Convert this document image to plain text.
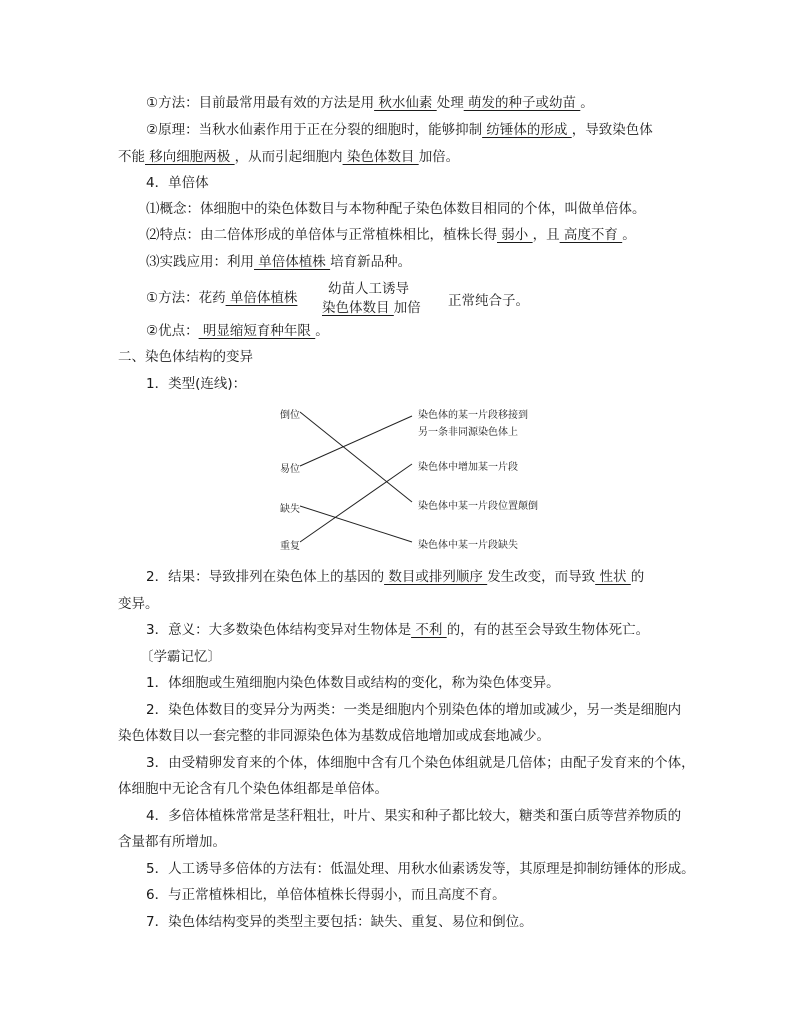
①方法：目前最常用最有效的方法是用 秋水仙素 处理 萌发的种子或幼苗 。
②原理：当秋水仙素作用于正在分裂的细胞时，能够抑制 纺锤体的形成 ，导致染色体
不能 移向细胞两极 ，从而引起细胞内 染色体数目 加倍。
4．单倍体
⑴概念：体细胞中的染色体数目与本物种配子染色体数目相同的个体，叫做单倍体。
⑵特点：由二倍体形成的单倍体与正常植株相比，植株长得 弱小 ，且 高度不育 。
⑶实践应用：利用 单倍体植株 培育新品种。
①方法：花药 单倍体植株
幼苗人工诱导
染色体数目 加倍 正常纯合子。
②优点： 明显缩短育种年限 。
二、染色体结构的变异
1．类型(连线)：
倒位
易位
缺失
重复
染色体的某一片段移接到
另一条非同源染色体上
染色体中增加某一片段
染色体中某一片段位置颠倒
染色体中某一片段缺失
2．结果：导致排列在染色体上的基因的 数目或排列顺序 发生改变，而导致 性状 的
变异。
3．意义：大多数染色体结构变异对生物体是 不利 的，有的甚至会导致生物体死亡。
〔学霸记忆〕
1．体细胞或生殖细胞内染色体数目或结构的变化，称为染色体变异。
2．染色体数目的变异分为两类：一类是细胞内个别染色体的增加或减少，另一类是细胞内
染色体数目以一套完整的非同源染色体为基数成倍地增加或成套地减少。
3．由受精卵发育来的个体，体细胞中含有几个染色体组就是几倍体；由配子发育来的个体，
体细胞中无论含有几个染色体组都是单倍体。
4．多倍体植株常常是茎秆粗壮，叶片、果实和种子都比较大，糖类和蛋白质等营养物质的
含量都有所增加。
5．人工诱导多倍体的方法有：低温处理、用秋水仙素诱发等，其原理是抑制纺锤体的形成。
6．与正常植株相比，单倍体植株长得弱小，而且高度不育。
7．染色体结构变异的类型主要包括：缺失、重复、易位和倒位。
